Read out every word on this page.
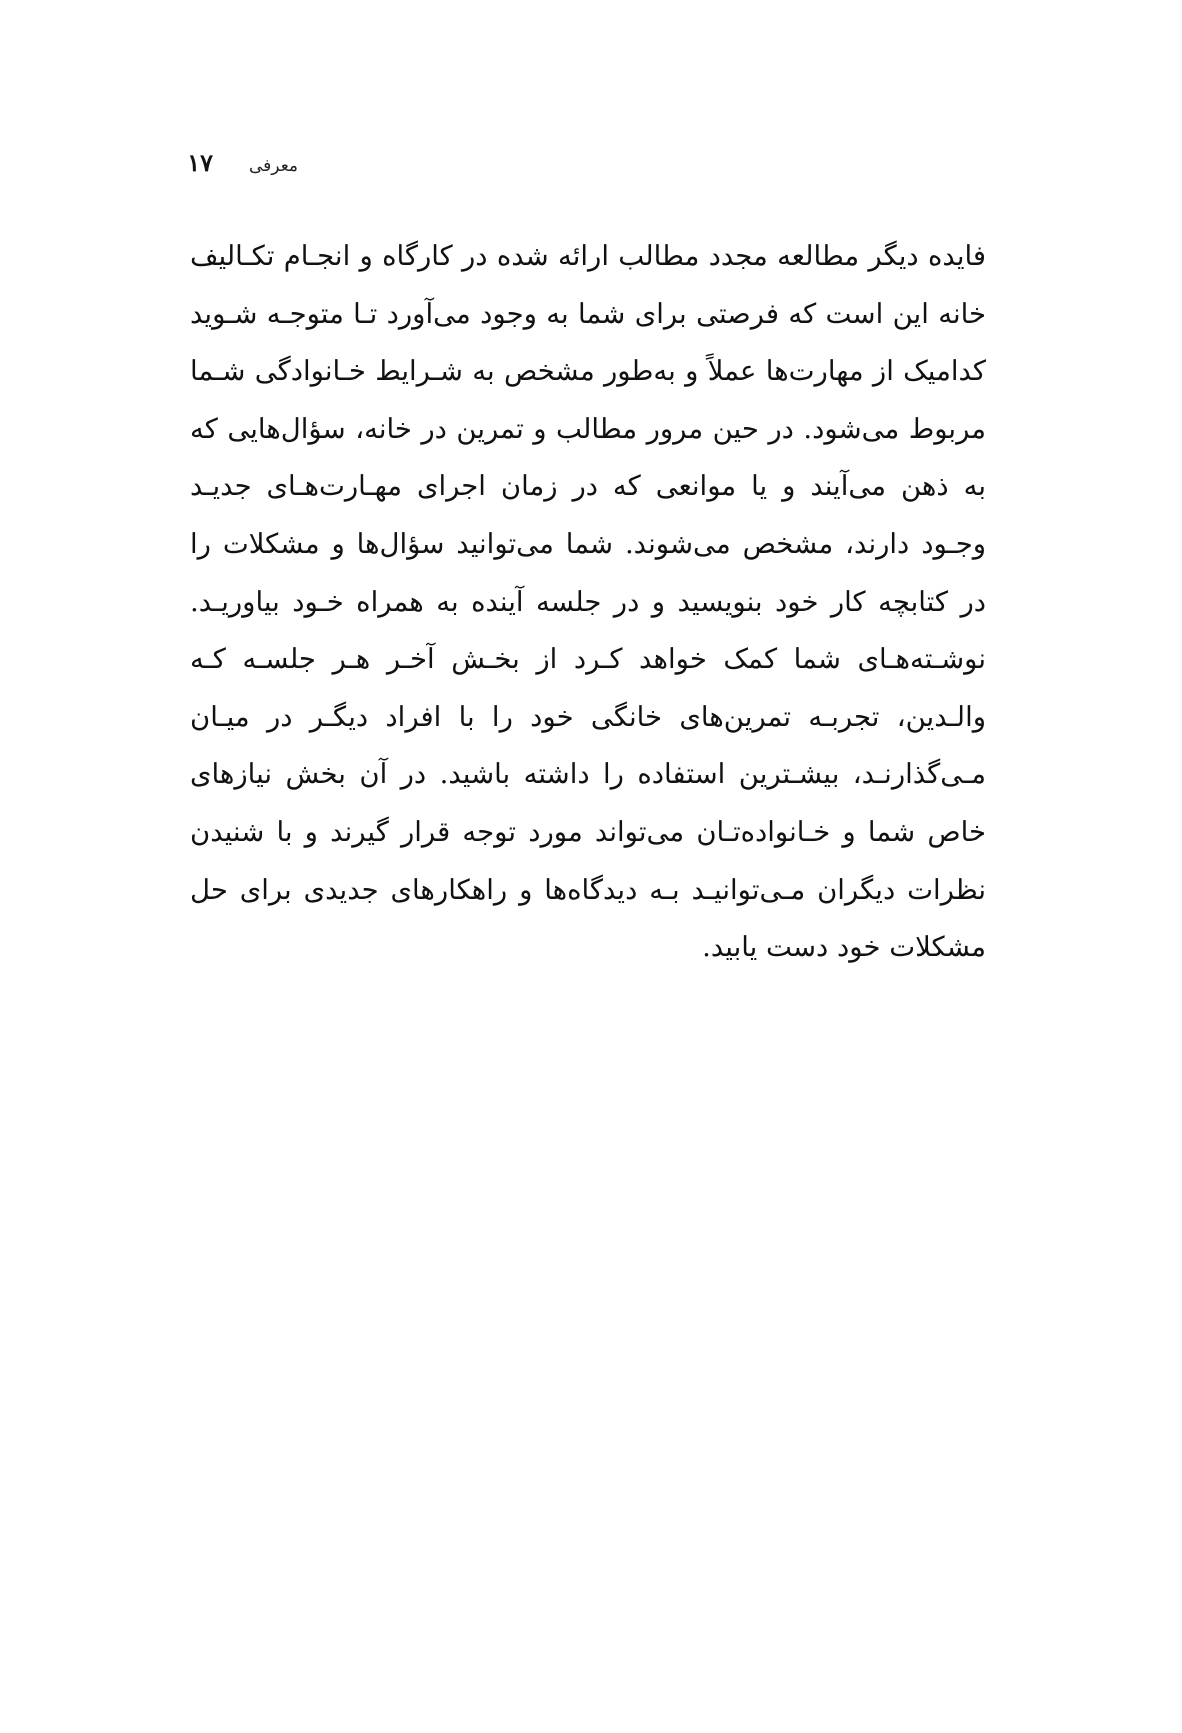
معرفی
۱۷

فایده دیگر مطالعه مجدد مطالب ارائه شده در کارگاه و انجـام تکـالیف خانه این است که فرصتی برای شما به وجود می‌آورد تـا متوجـه شـوید کدامیک از مهارت‌ها عملاً و به‌طور مشخص به شـرایط خـانوادگی شـما مربوط می‌شود. در حین مرور مطالب و تمرین در خانه، سؤال‌هایی که به ذهن می‌آیند و یا موانعی که در زمان اجرای مهـارت‌هـای جدیـد وجـود دارند، مشخص می‌شوند. شما می‌توانید سؤال‌ها و مشکلات را در کتابچه کار خود بنویسید و در جلسه آینده به همراه خـود بیاوریـد. نوشـته‌هـای شما کمک خواهد کـرد از بخـش آخـر هـر جلسـه کـه والـدین، تجربـه تمرین‌های خانگی خود را با افراد دیگـر در میـان مـی‌گذارنـد، بیشـترین استفاده را داشته باشید. در آن بخش نیازهای خاص شما و خـانواده‌تـان می‌تواند مورد توجه قرار گیرند و با شنیدن نظرات دیگران مـی‌توانیـد بـه دیدگاه‌ها و راهکارهای جدیدی برای حل مشکلات خود دست یابید.
